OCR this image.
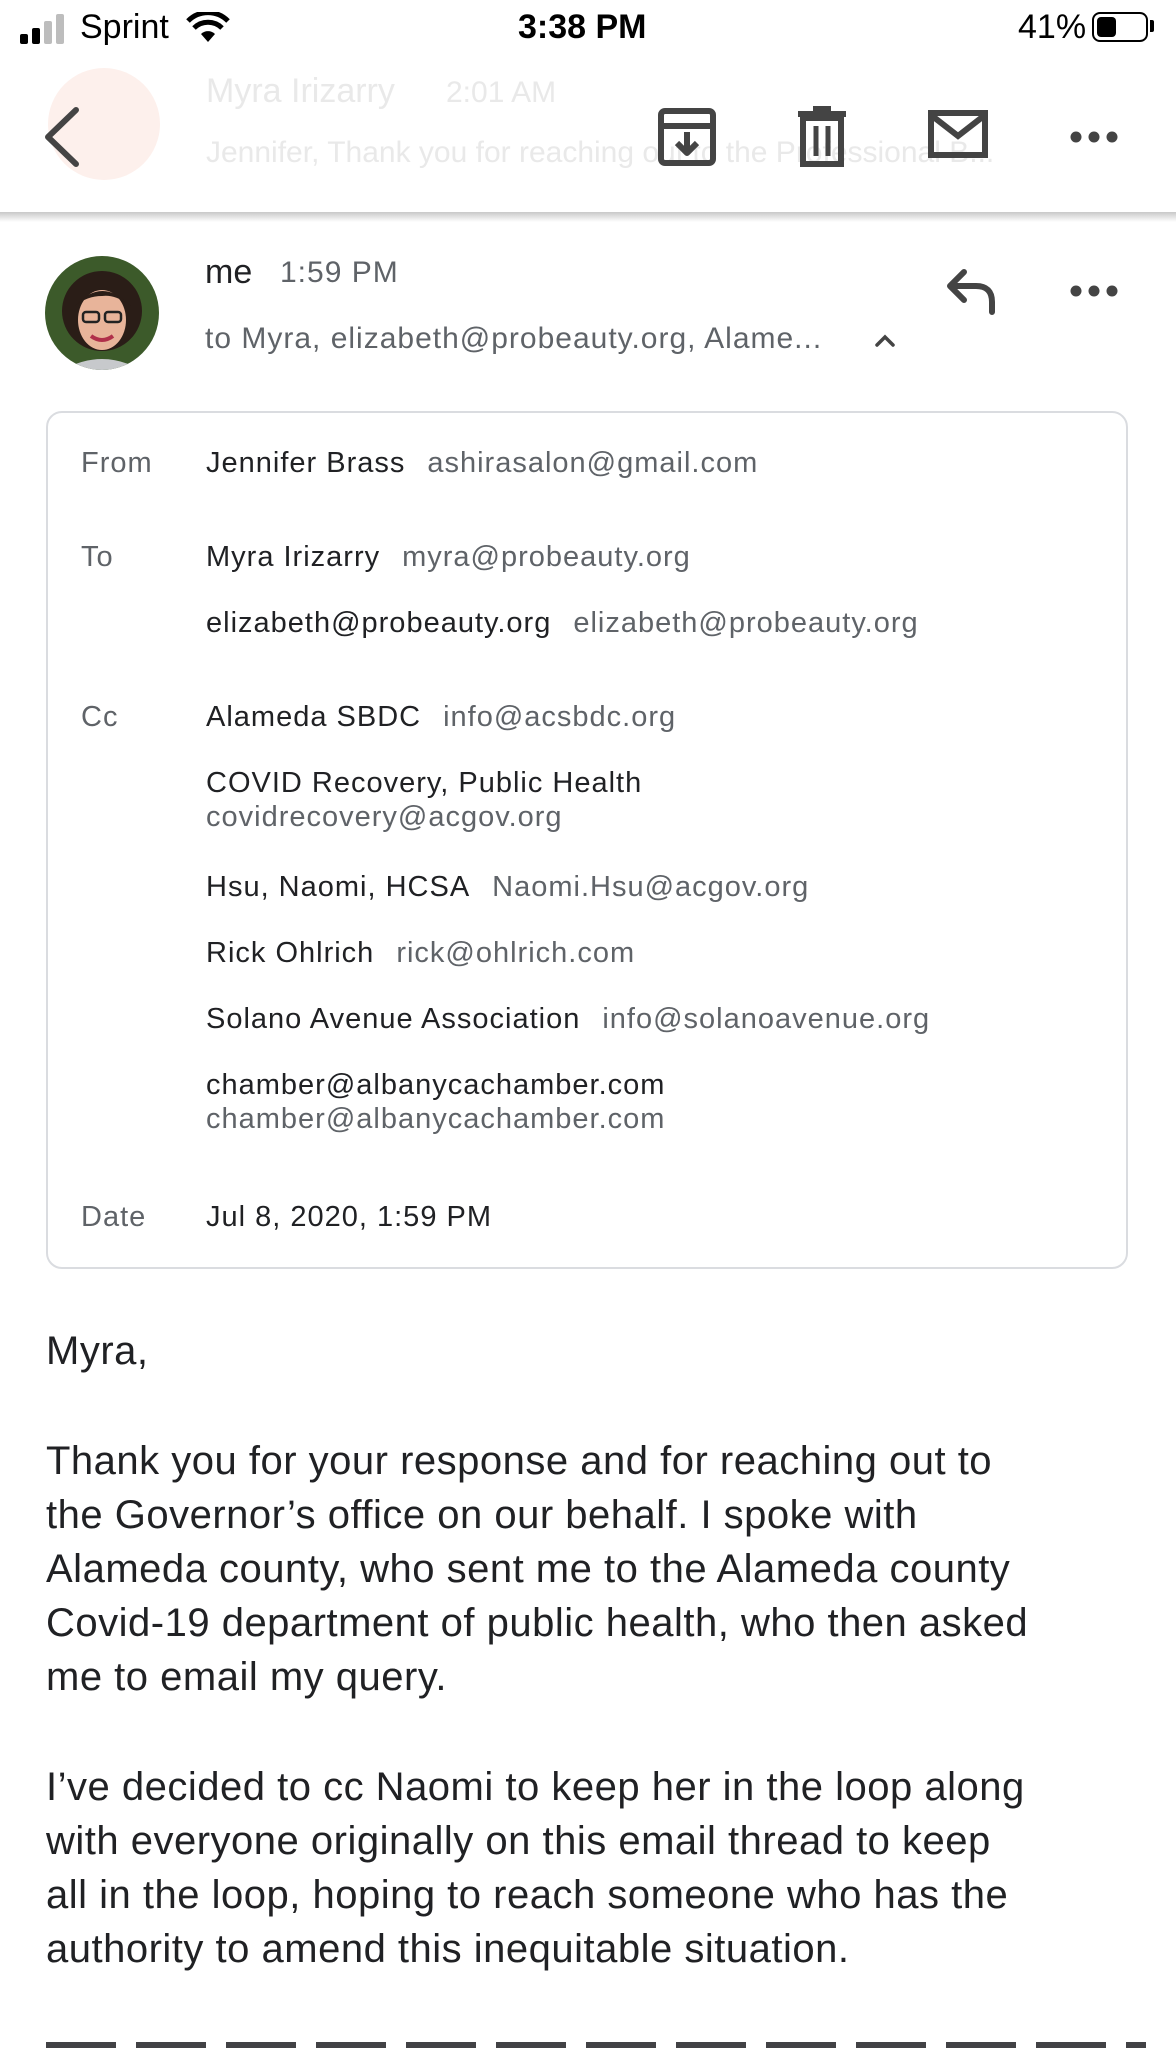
Sprint	3:38 PM	41%
Myra Irizarry 2:01 AM
Jennifer, Thank you for reaching out to the Professional B...
me 1:59 PM
to Myra, elizabeth@probeauty.org, Alame...
From Jennifer Brass ashirasalon@gmail.com
To	Myra Irizarry myra@probeauty.org
elizabeth@probeauty.org elizabeth@probeauty.org
Cc	Alameda SBDC info@acsbdc.org
COVID Recovery, Public Health
covidrecovery@acgov.org
Hsu, Naomi, HCSA Naomi.Hsu@acgov.org
Rick Ohlrich rick@ohlrich.com
Solano Avenue Association info@solanoavenue.org
chamber@albanycachamber.com
chamber@albanycachamber.com
Date Jul 8, 2020, 1:59 PM
Myra,
Thank you for your response and for reaching out to
the Governor’s office on our behalf. I spoke with
Alameda county, who sent me to the Alameda county
Covid-19 department of public health, who then asked
me to email my query.
I’ve decided to cc Naomi to keep her in the loop along
with everyone originally on this email thread to keep
all in the loop, hoping to reach someone who has the
authority to amend this inequitable situation.
